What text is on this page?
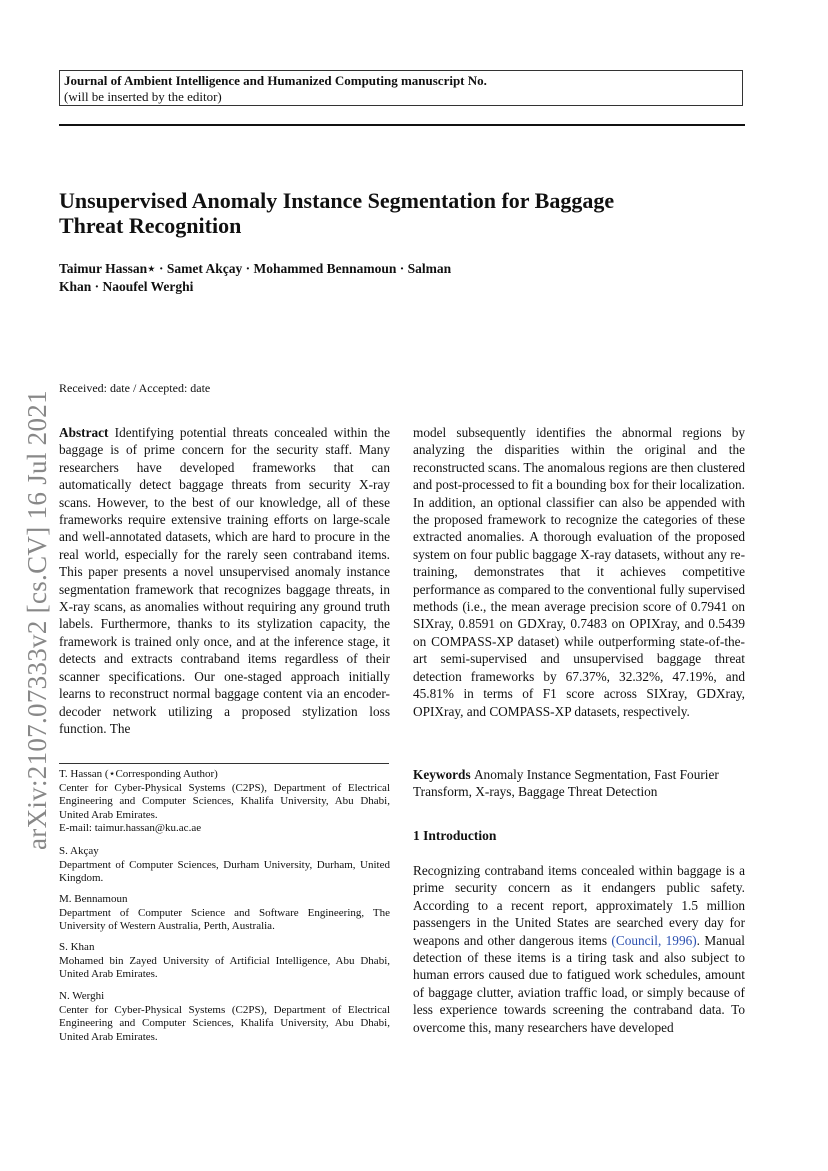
Journal of Ambient Intelligence and Humanized Computing manuscript No.
(will be inserted by the editor)
Unsupervised Anomaly Instance Segmentation for Baggage
Threat Recognition
Taimur Hassan⋆ · Samet Akçay · Mohammed Bennamoun · Salman
Khan · Naoufel Werghi
Received: date / Accepted: date
arXiv:2107.07333v2 [cs.CV] 16 Jul 2021 Abstract Identifying potential threats concealed within the baggage is of prime concern for the security staff. Many researchers have developed frameworks that can automatically detect baggage threats from security X-ray scans. However, to the best of our knowledge, all of these frameworks require extensive training efforts on large-scale and well-annotated datasets, which are hard to procure in the real world, especially for the rarely seen contraband items. This paper presents a novel unsupervised anomaly instance segmentation framework that recognizes baggage threats, in X-ray scans, as anomalies without requiring any ground truth labels. Furthermore, thanks to its stylization capacity, the framework is trained only once, and at the inference stage, it detects and extracts contraband items regardless of their scanner specifications. Our one-staged approach initially learns to reconstruct normal baggage content via an encoder-decoder network utilizing a proposed stylization loss function. The
T. Hassan (⋆Corresponding Author)
Center for Cyber-Physical Systems (C2PS), Department of Electrical Engineering and Computer Sciences, Khalifa University, Abu Dhabi, United Arab Emirates.
E-mail: taimur.hassan@ku.ac.ae
S. Akçay
Department of Computer Sciences, Durham University, Durham, United Kingdom.
M. Bennamoun
Department of Computer Science and Software Engineering, The University of Western Australia, Perth, Australia.
S. Khan
Mohamed bin Zayed University of Artificial Intelligence, Abu Dhabi, United Arab Emirates.
N. Werghi
Center for Cyber-Physical Systems (C2PS), Department of Electrical Engineering and Computer Sciences, Khalifa University, Abu Dhabi, United Arab Emirates.
model subsequently identifies the abnormal regions by analyzing the disparities within the original and the reconstructed scans. The anomalous regions are then clustered and post-processed to fit a bounding box for their localization. In addition, an optional classifier can also be appended with the proposed framework to recognize the categories of these extracted anomalies. A thorough evaluation of the proposed system on four public baggage X-ray datasets, without any re-training, demonstrates that it achieves competitive performance as compared to the conventional fully supervised methods (i.e., the mean average precision score of 0.7941 on SIXray, 0.8591 on GDXray, 0.7483 on OPIXray, and 0.5439 on COMPASS-XP dataset) while outperforming state-of-the-art semi-supervised and unsupervised baggage threat detection frameworks by 67.37%, 32.32%, 47.19%, and 45.81% in terms of F1 score across SIXray, GDXray, OPIXray, and COMPASS-XP datasets, respectively.
Keywords Anomaly Instance Segmentation, Fast Fourier Transform, X-rays, Baggage Threat Detection
1 Introduction
Recognizing contraband items concealed within baggage is a prime security concern as it endangers public safety. According to a recent report, approximately 1.5 million passengers in the United States are searched every day for weapons and other dangerous items (Council, 1996). Manual detection of these items is a tiring task and also subject to human errors caused due to fatigued work schedules, amount of baggage clutter, aviation traffic load, or simply because of less experience towards screening the contraband data. To overcome this, many researchers have developed
